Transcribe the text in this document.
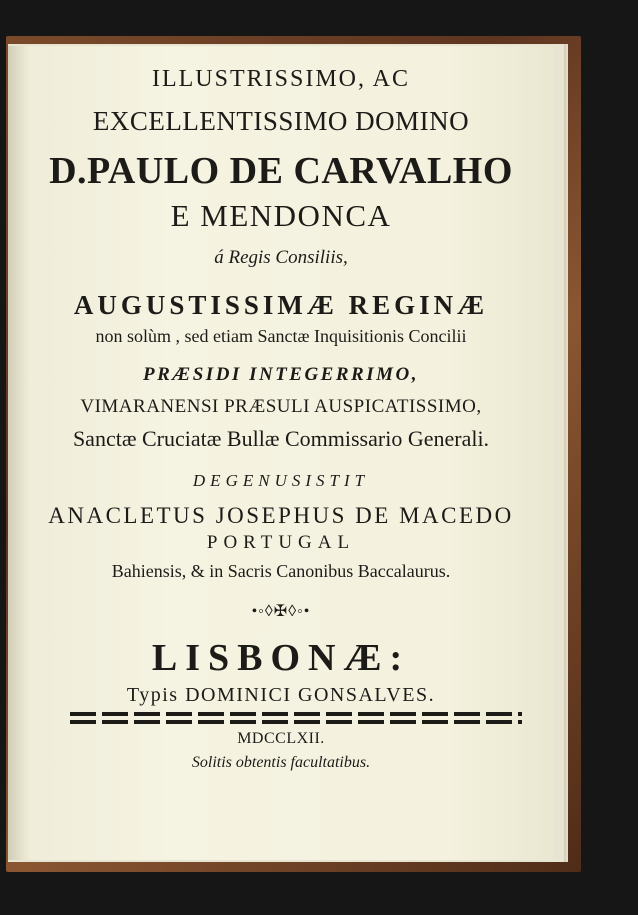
ILLUSTRISSIMO, AC
EXCELLENTISSIMO DOMINO
D.PAULO DE CARVALHO
E MENDONCA
á Regis Consiliis,
AUGUSTISSIMÆ REGINÆ
non solùm , sed etiam Sanctæ Inquisitionis Concilii
PRÆSIDI INTEGERRIMO,
VIMARANENSI PRÆSULI AUSPICATISSIMO,
Sanctæ Cruciatæ Bullæ Commissario Generali.
DEGENUSISTIT
ANACLETUS JOSEPHUS DE MACEDO
PORTUGAL
Bahiensis, & in Sacris Canonibus Baccalaurus.
•◦◊✠◊◦•
LISBONÆ:
Typis DOMINICI GONSALVES.
MDCCLXII.
Solitis obtentis facultatibus.
